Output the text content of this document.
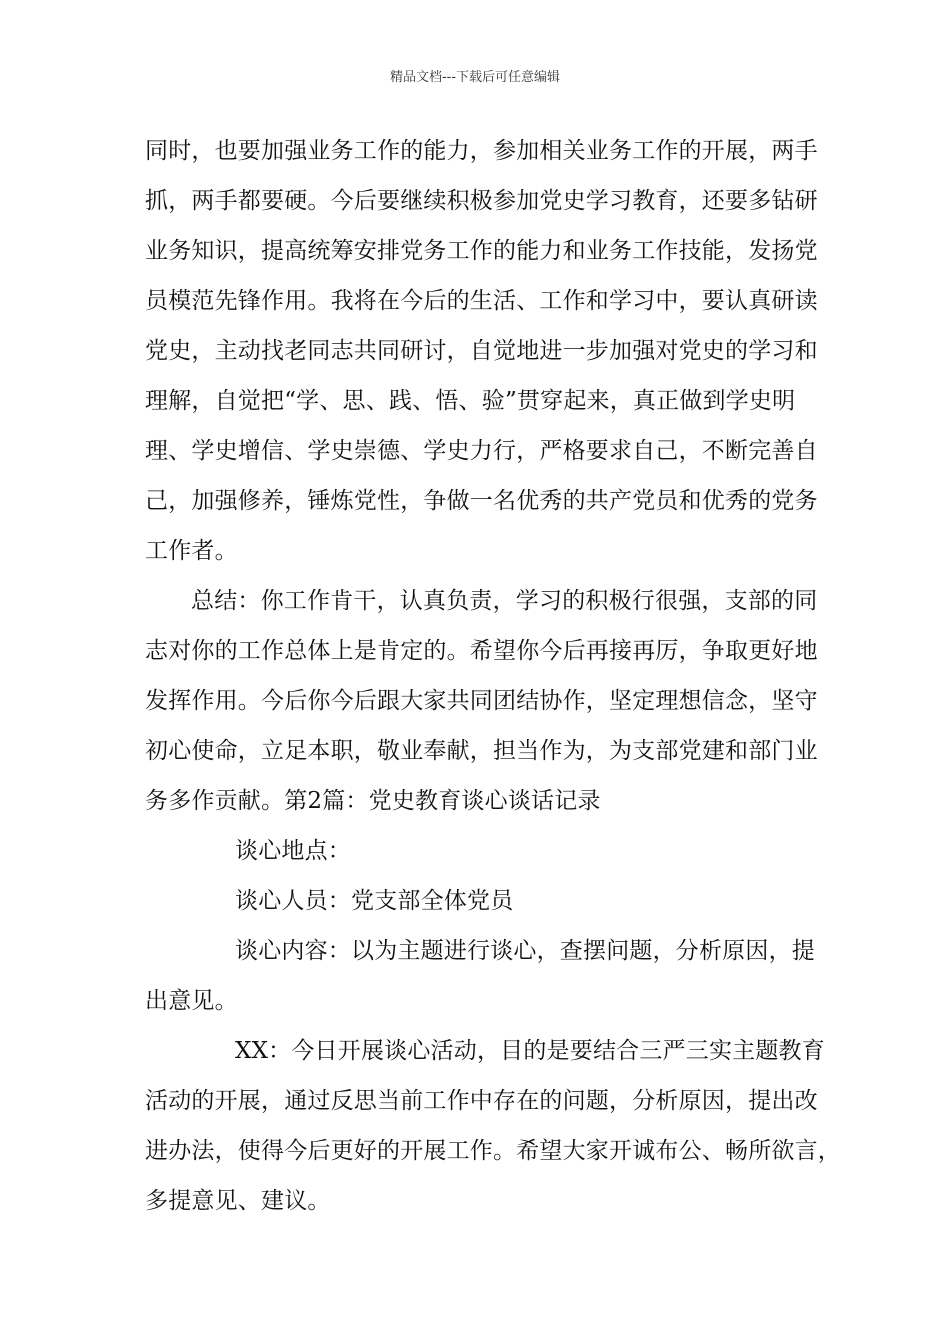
精品文档---下载后可任意编辑
同时，也要加强业务工作的能力，参加相关业务工作的开展，两手
抓，两手都要硬。今后要继续积极参加党史学习教育，还要多钻研
业务知识，提高统筹安排党务工作的能力和业务工作技能，发扬党
员模范先锋作用。我将在今后的生活、工作和学习中，要认真研读
党史，主动找老同志共同研讨，自觉地进一步加强对党史的学习和
理解，自觉把“学、思、践、悟、验”贯穿起来，真正做到学史明
理、学史增信、学史崇德、学史力行，严格要求自己，不断完善自
己，加强修养，锤炼党性，争做一名优秀的共产党员和优秀的党务
工作者。
总结：你工作肯干，认真负责，学习的积极行很强，支部的同
志对你的工作总体上是肯定的。希望你今后再接再厉，争取更好地
发挥作用。今后你今后跟大家共同团结协作，坚定理想信念，坚守
初心使命，立足本职，敬业奉献，担当作为，为支部党建和部门业
务多作贡献。第2篇：党史教育谈心谈话记录
谈心地点：
谈心人员：党支部全体党员
谈心内容：以为主题进行谈心，查摆问题，分析原因，提
出意见。
XX：今日开展谈心活动，目的是要结合三严三实主题教育
活动的开展，通过反思当前工作中存在的问题，分析原因，提出改
进办法，使得今后更好的开展工作。希望大家开诚布公、畅所欲言，
多提意见、建议。
